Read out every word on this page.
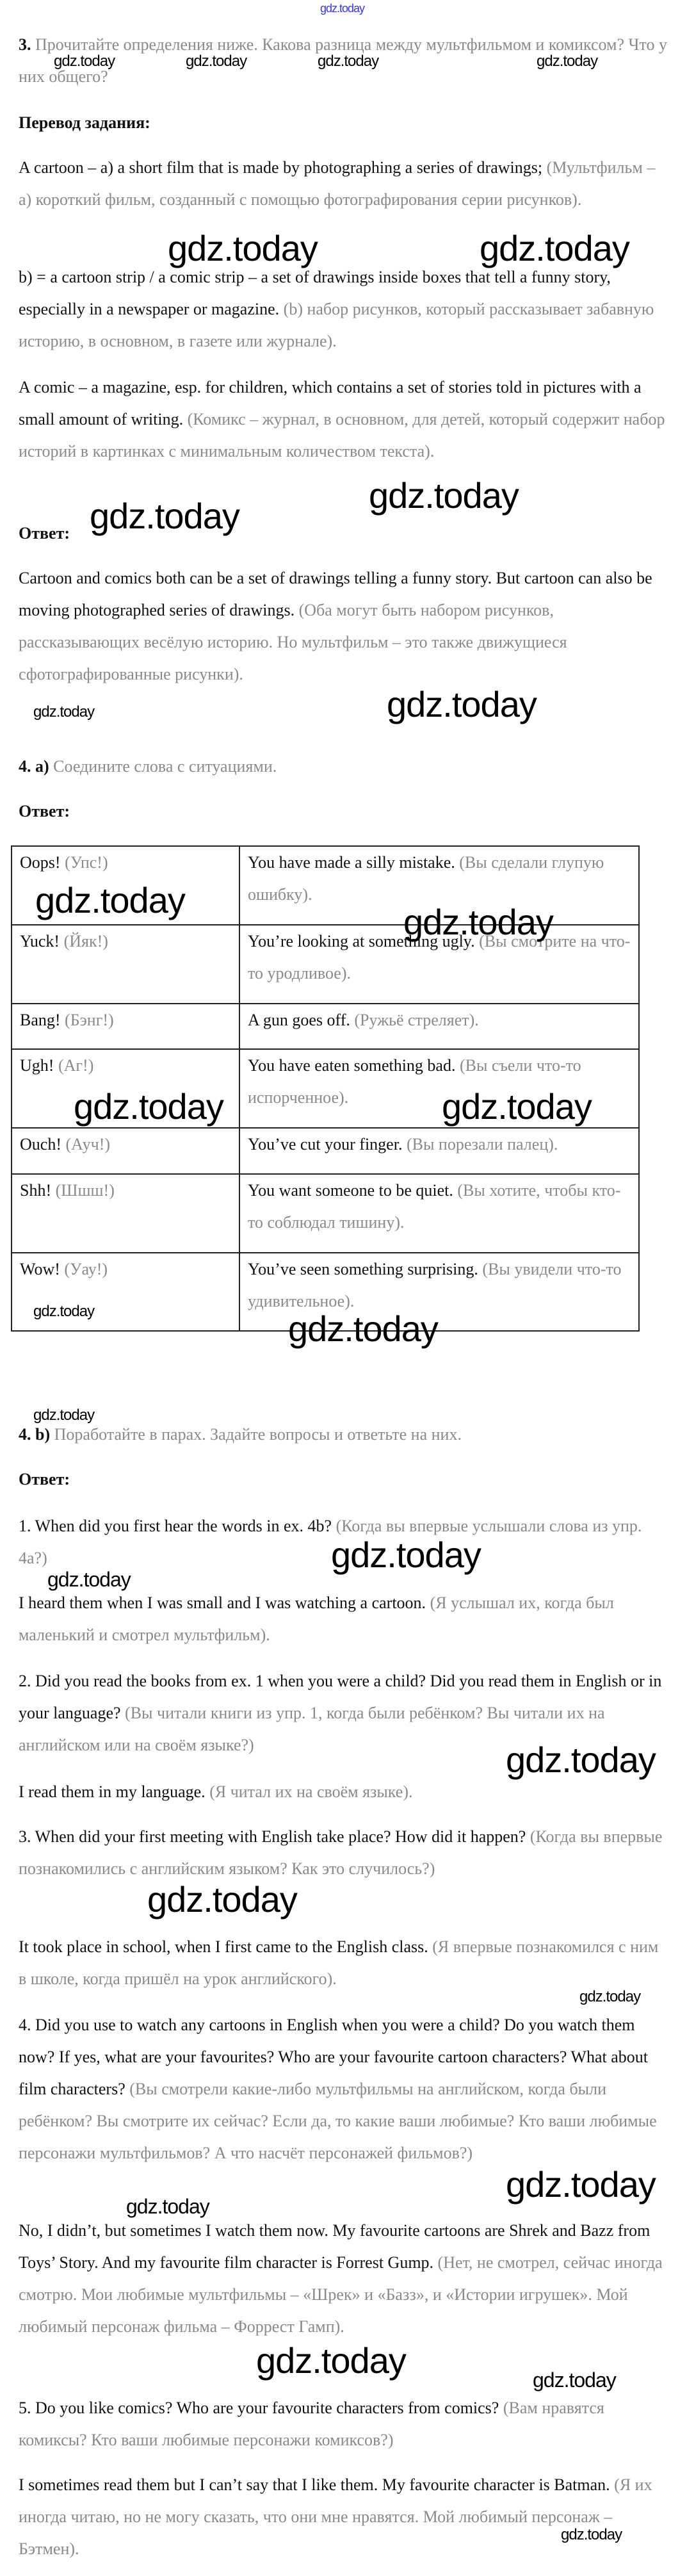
3. Прочитайте определения ниже. Какова разница между мультфильмом и комиксом? Что у них общего?

Перевод задания:

A cartoon – a) a short film that is made by photographing a series of drawings; (Мультфильм – а) короткий фильм, созданный с помощью фотографирования серии рисунков).

b) = a cartoon strip / a comic strip – a set of drawings inside boxes that tell a funny story, especially in a newspaper or magazine. (b) набор рисунков, который рассказывает забавную историю, в основном, в газете или журнале).

A comic – a magazine, esp. for children, which contains a set of stories told in pictures with a small amount of writing. (Комикс – журнал, в основном, для детей, который содержит набор историй в картинках с минимальным количеством текста).

Ответ:

Cartoon and comics both can be a set of drawings telling a funny story. But cartoon can also be moving photographed series of drawings. (Оба могут быть набором рисунков, рассказывающих весёлую историю. Но мультфильм – это также движущиеся сфотографированные рисунки).

4. a) Соедините слова с ситуациями.

Ответ:

Oops! (Упс!)	You have made a silly mistake. (Вы сделали глупую ошибку).
Yuck! (Йяк!)	You’re looking at something ugly. (Вы смотрите на что-то уродливое).
Bang! (Бэнг!)	A gun goes off. (Ружьё стреляет).
Ugh! (Аг!)	You have eaten something bad. (Вы съели что-то испорченное).
Ouch! (Ауч!)	You’ve cut your finger. (Вы порезали палец).
Shh! (Шшш!)	You want someone to be quiet. (Вы хотите, чтобы кто-то соблюдал тишину).
Wow! (Уау!)	You’ve seen something surprising. (Вы увидели что-то удивительное).

4. b) Поработайте в парах. Задайте вопросы и ответьте на них.

Ответ:

1. When did you first hear the words in ex. 4b? (Когда вы впервые услышали слова из упр. 4a?)

I heard them when I was small and I was watching a cartoon. (Я услышал их, когда был маленький и смотрел мультфильм).

2. Did you read the books from ex. 1 when you were a child? Did you read them in English or in your language? (Вы читали книги из упр. 1, когда были ребёнком? Вы читали их на английском или на своём языке?)

I read them in my language. (Я читал их на своём языке).

3. When did your first meeting with English take place? How did it happen? (Когда вы впервые познакомились с английским языком? Как это случилось?)

It took place in school, when I first came to the English class. (Я впервые познакомился с ним в школе, когда пришёл на урок английского).

4. Did you use to watch any cartoons in English when you were a child? Do you watch them now? If yes, what are your favourites? Who are your favourite cartoon characters? What about film characters? (Вы смотрели какие-либо мультфильмы на английском, когда были ребёнком? Вы смотрите их сейчас? Если да, то какие ваши любимые? Кто ваши любимые персонажи мультфильмов? А что насчёт персонажей фильмов?)

No, I didn’t, but sometimes I watch them now. My favourite cartoons are Shrek and Bazz from Toys’ Story. And my favourite film character is Forrest Gump. (Нет, не смотрел, сейчас иногда смотрю. Мои любимые мультфильмы – «Шрек» и «Базз», и «Истории игрушек». Мой любимый персонаж фильма – Форрест Гамп).

5. Do you like comics? Who are your favourite characters from comics? (Вам нравятся комиксы? Кто ваши любимые персонажи комиксов?)

I sometimes read them but I can’t say that I like them. My favourite character is Batman. (Я их иногда читаю, но не могу сказать, что они мне нравятся. Мой любимый персонаж – Бэтмен).

gdz.today
gdz.today	gdz.today	gdz.today	gdz.today
gdz.today	gdz.today
gdz.today
gdz.today
gdz.today
gdz.today
gdz.today
gdz.today
gdz.today	gdz.today
gdz.today	gdz.today
gdz.today
gdz.today
gdz.today
gdz.today
gdz.today
gdz.today
gdz.today
gdz.today
gdz.today	gdz.today
gdz.today
